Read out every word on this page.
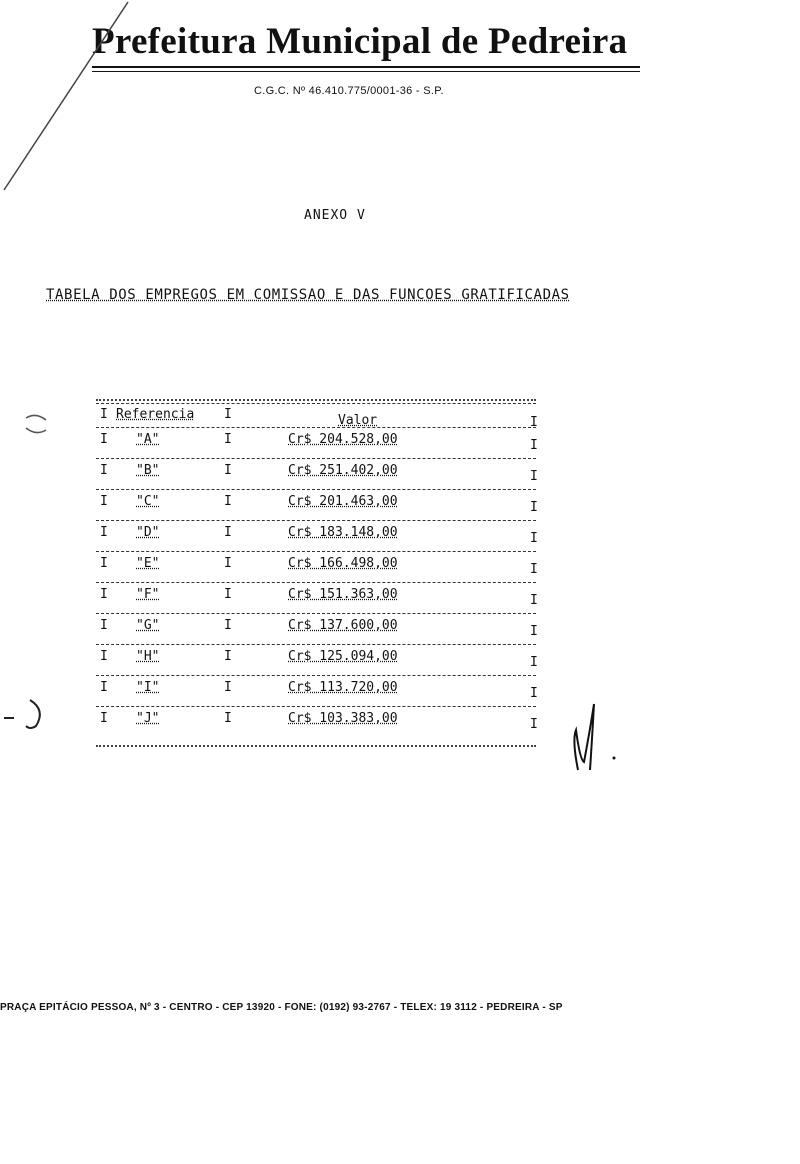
Prefeitura Municipal de Pedreira
C.G.C. Nº 46.410.775/0001-36 - S.P.
ANEXO V
TABELA DOS EMPREGOS EM COMISSAO E DAS FUNCOES GRATIFICADAS
I Referencia I	Valor	I
I "A"	I	Cr$ 204.528,00	I
I "B"	I	Cr$ 251.402,00	I
I "C"	I	Cr$ 201.463,00	I
I "D"	I	Cr$ 183.148,00	I
I "E"	I	Cr$ 166.498,00	I
I "F"	I	Cr$ 151.363,00	I
I "G"	I	Cr$ 137.600,00	I
I "H"	I	Cr$ 125.094,00	I
I "I"	I	Cr$ 113.720,00	I
I "J"	I	Cr$ 103.383,00	I
PRAÇA EPITÁCIO PESSOA, Nº 3 - CENTRO - CEP 13920 - FONE: (0192) 93-2767 - TELEX: 19 3112 - PEDREIRA - SP
